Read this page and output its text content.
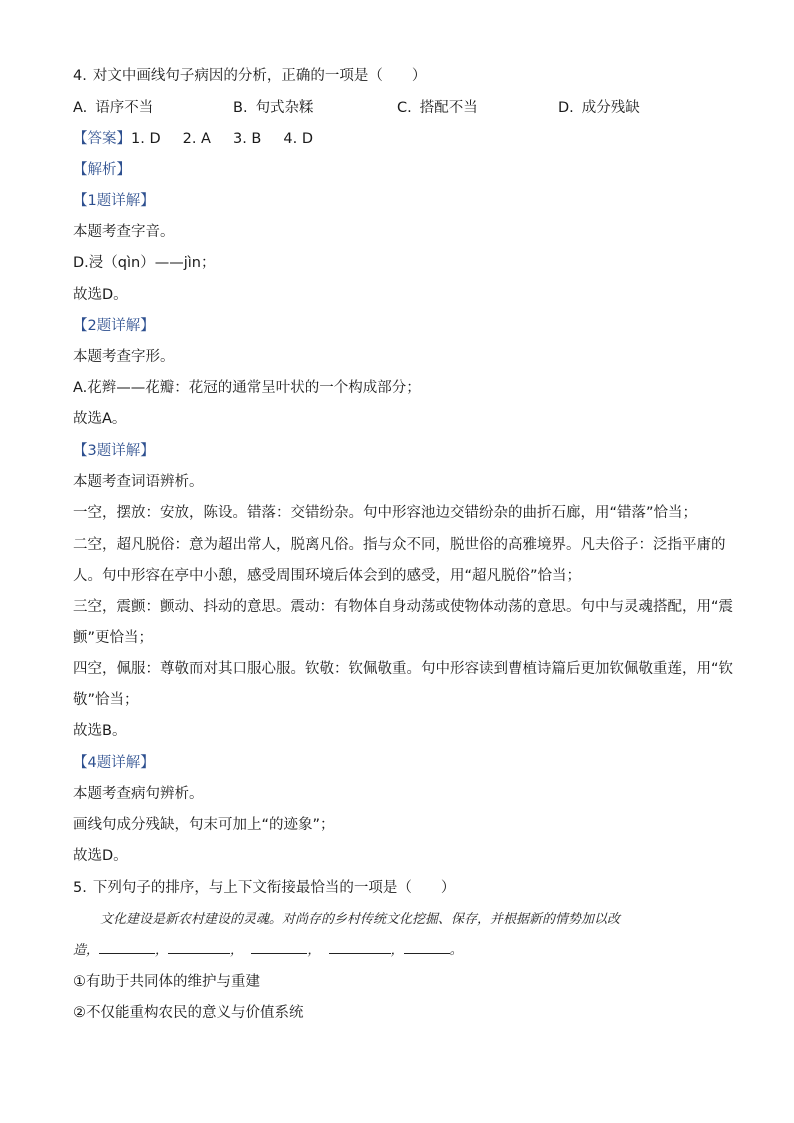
4. 对文中画线句子病因的分析，正确的一项是（　　）
A. 语序不当	B. 句式杂糅	C. 搭配不当	D. 成分残缺
【答案】1. D 2. A 3. B 4. D
【解析】
【1题详解】
本题考查字音。
D.浸（qìn）——jìn；
故选D。
【2题详解】
本题考查字形。
A.花辫——花瓣：花冠的通常呈叶状的一个构成部分；
故选A。
【3题详解】
本题考查词语辨析。
一空，摆放：安放，陈设。错落：交错纷杂。句中形容池边交错纷杂的曲折石廊，用“错落”恰当；
二空，超凡脱俗：意为超出常人，脱离凡俗。指与众不同，脱世俗的高雅境界。凡夫俗子：泛指平庸的
人。句中形容在亭中小憩，感受周围环境后体会到的感受，用“超凡脱俗”恰当；
三空，震颤：颤动、抖动的意思。震动：有物体自身动荡或使物体动荡的意思。句中与灵魂搭配，用“震
颤”更恰当；
四空，佩服：尊敬而对其口服心服。钦敬：钦佩敬重。句中形容读到曹植诗篇后更加钦佩敬重莲，用“钦
敬”恰当；
故选B。
【4题详解】
本题考查病句辨析。
画线句成分残缺，句末可加上“的迹象”；
故选D。
5. 下列句子的排序，与上下文衔接最恰当的一项是（　　）
文化建设是新农村建设的灵魂。对尚存的乡村传统文化挖掘、保存，并根据新的情势加以改
造，	，	，	，	，	。
①有助于共同体的维护与重建
②不仅能重构农民的意义与价值系统
